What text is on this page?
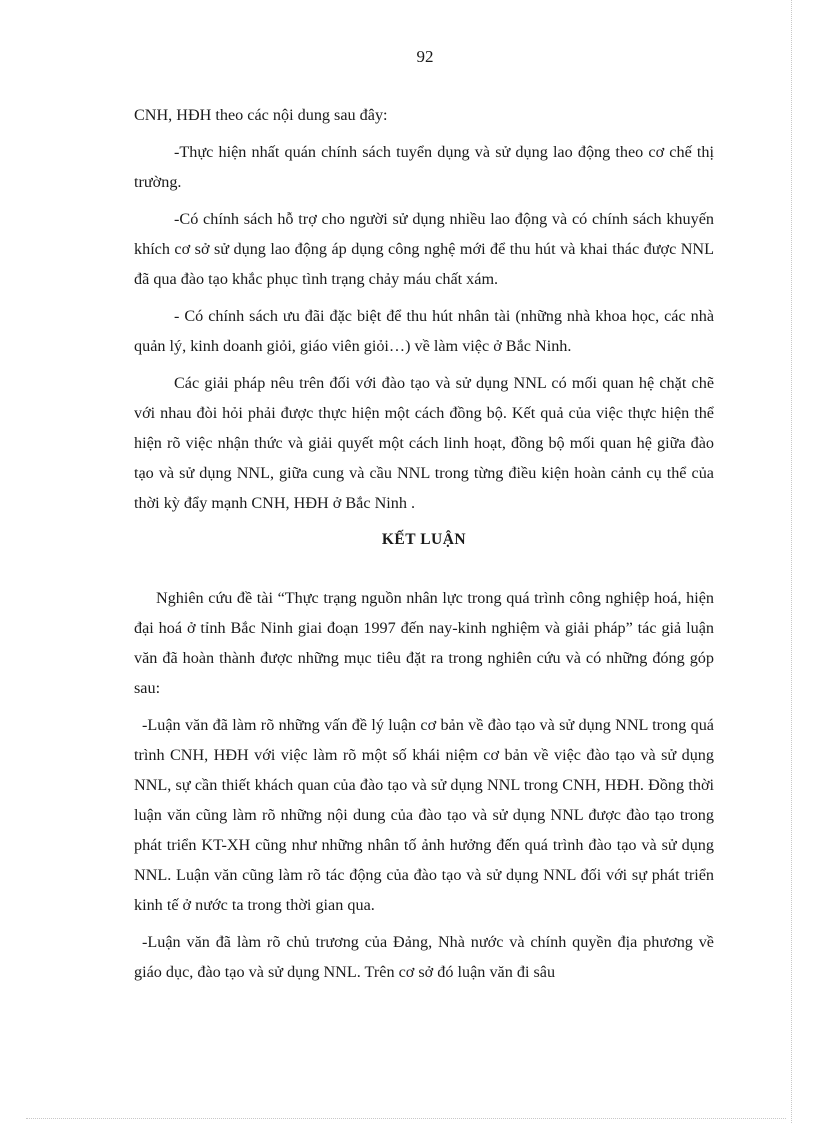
92

CNH, HĐH theo các nội dung sau đây:

-Thực hiện nhất quán chính sách tuyển dụng và sử dụng lao động theo cơ chế thị trường.

-Có chính sách hỗ trợ cho người sử dụng nhiều lao động và có chính sách khuyến khích cơ sở sử dụng lao động áp dụng công nghệ mới để thu hút và khai thác được NNL đã qua đào tạo khắc phục tình trạng chảy máu chất xám.

- Có chính sách ưu đãi đặc biệt để thu hút nhân tài (những nhà khoa học, các nhà quản lý, kinh doanh giỏi, giáo viên giỏi…) về làm việc ở Bắc Ninh.

Các giải pháp nêu trên đối với đào tạo và sử dụng NNL có mối quan hệ chặt chẽ với nhau đòi hỏi phải được thực hiện một cách đồng bộ. Kết quả của việc thực hiện thể hiện rõ việc nhận thức và giải quyết một cách linh hoạt, đồng bộ mối quan hệ giữa đào tạo và sử dụng NNL, giữa cung và cầu NNL trong từng điều kiện hoàn cảnh cụ thể của thời kỳ đẩy mạnh CNH, HĐH ở Bắc Ninh .

KẾT LUẬN

Nghiên cứu đề tài “Thực trạng nguồn nhân lực trong quá trình công nghiệp hoá, hiện đại hoá ở tỉnh Bắc Ninh giai đoạn 1997 đến nay-kinh nghiệm và giải pháp” tác giả luận văn đã hoàn thành được những mục tiêu đặt ra trong nghiên cứu và có những đóng góp sau:

-Luận văn đã làm rõ những vấn đề lý luận cơ bản về đào tạo và sử dụng NNL trong quá trình CNH, HĐH với việc làm rõ một số khái niệm cơ bản về việc đào tạo và sử dụng NNL, sự cần thiết khách quan của đào tạo và sử dụng NNL trong CNH, HĐH. Đồng thời luận văn cũng làm rõ những nội dung của đào tạo và sử dụng NNL được đào tạo trong phát triển KT-XH cũng như những nhân tố ảnh hưởng đến quá trình đào tạo và sử dụng NNL. Luận văn cũng làm rõ tác động của đào tạo và sử dụng NNL đối với sự phát triển kinh tế ở nước ta trong thời gian qua.

-Luận văn đã làm rõ chủ trương của Đảng, Nhà nước và chính quyền địa phương về giáo dục, đào tạo và sử dụng NNL. Trên cơ sở đó luận văn đi sâu
